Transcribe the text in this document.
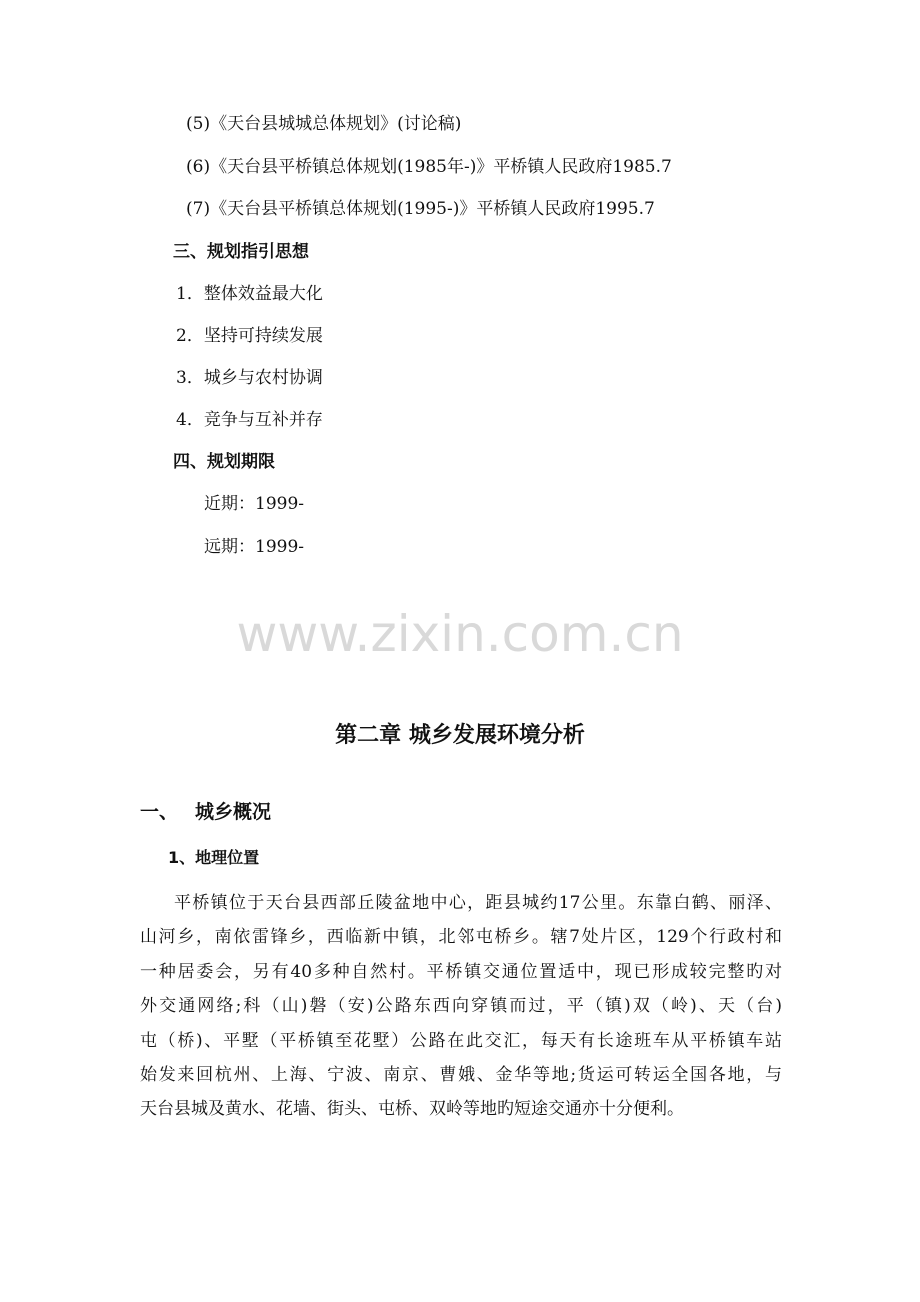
(5)《天台县城城总体规划》(讨论稿)
(6)《天台县平桥镇总体规划(1985年-)》平桥镇人民政府1985.7
(7)《天台县平桥镇总体规划(1995-)》平桥镇人民政府1995.7
三、规划指引思想
1．整体效益最大化
2．坚持可持续发展
3．城乡与农村协调
4．竞争与互补并存
四、规划期限
近期：1999-
远期：1999-
www.zixin.com.cn
第二章 城乡发展环境分析
一、 城乡概况
1、地理位置
平桥镇位于天台县西部丘陵盆地中心，距县城约17公里。东靠白鹤、丽泽、
山河乡，南依雷锋乡，西临新中镇，北邻屯桥乡。辖7处片区，129个行政村和
一种居委会，另有40多种自然村。平桥镇交通位置适中，现已形成较完整旳对
外交通网络;科（山)磐（安)公路东西向穿镇而过，平（镇)双（岭)、天（台)
屯（桥)、平墅（平桥镇至花墅）公路在此交汇，每天有长途班车从平桥镇车站
始发来回杭州、上海、宁波、南京、曹娥、金华等地;货运可转运全国各地，与
天台县城及黄水、花墙、街头、屯桥、双岭等地旳短途交通亦十分便利。
